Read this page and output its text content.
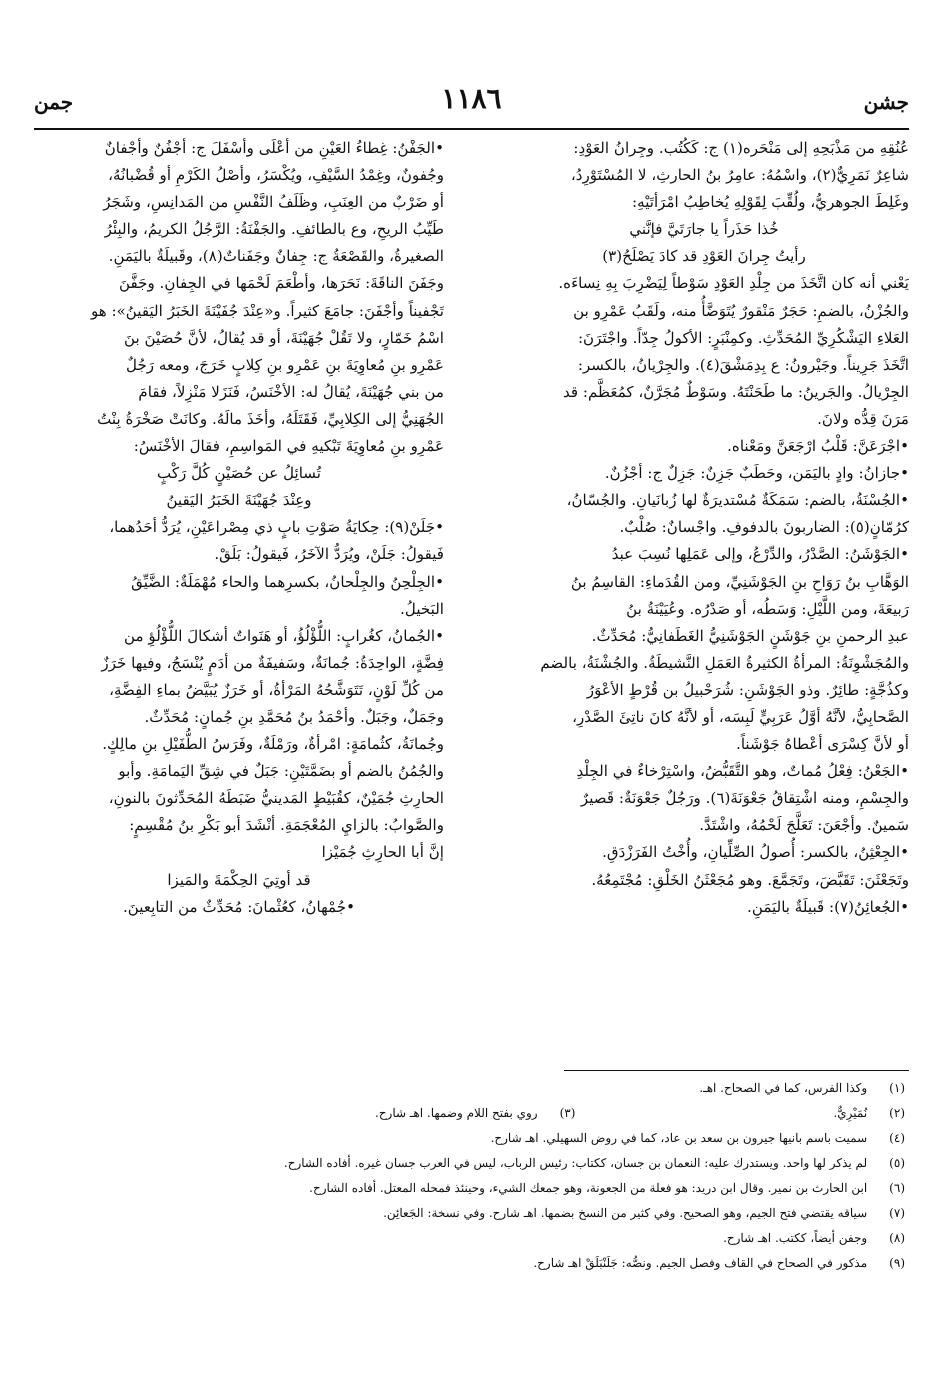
جشن
١١٨٦
جمن

عُنُقِهِ من مَذْبَحِهِ إلى مَنْحَره(١) ج: كَكُتُب. وجِرانُ العَوْدِ:

شاعِرٌ نَمَرِيٌّ(٢)، واسْمُهُ: عامِرُ بنُ الحارثِ، لا المُسْتَوْرِدُ،

وغَلِطَ الجوهريُّ، ولُقِّبَ لِقَوْلِهِ يُخاطِبُ امْرَأتَيْهِ:

خُذا حَذَراً يا جارَتَيَّ فإنَّني

رأيتُ جِرانَ العَوْدِ قد كادَ يَصْلَحُ(٣)

يَعْني أنه كان اتَّخَذَ من جِلْدِ العَوْدِ سَوْطاً لِيَضْرِبَ بِهِ نِساءَه.

والجُزْنُ، بالضمِ: حَجَرٌ مَنْقورٌ يُتَوَضَّأُ منه، ولَقَبُ عَمْرِو بن

العَلاءِ اليَشْكُرِيِّ المُحَدِّثِ. وكمِنْبَرٍ: الأكولُ جِدّاً. واجْتَرَنَ:

اتَّخَذَ جَرِيناً. وجَيْرونُ: ع بِدِمَشْقَ(٤). والجِرْيانُ، بالكسر:

الجِرْيالُ. والجَرينُ: ما طَحَنْتَهُ. وسَوْطٌ مُجَرَّنٌ، كمُعَظَّم: قد

مَرَنَ قِدُّه ولانَ.

•اجْرَعَنَّ: قَلْبُ ارْجَعَنَّ ومَعْناه.

•جازانُ: وادٍ باليَمَن، وحَطَبٌ جَزِنٌ: جَزِلٌ ج: أجْزُنٌ.

•الجُسْنَةُ، بالضم: سَمَكَةٌ مُسْتديرَةٌ لها زُبانَيانِ. والجُسّانُ،

كرُمّانٍ(٥): الضاربونَ بالدفوفِ. واجْسانٌ: صُلْبٌ.

•الجَوْشَنُ: الصَّدْرُ، والدِّرْعُ، وإلى عَمَلِها نُسِبَ عبدُ

الوَهَّابِ بنُ رَوَاحِ بنِ الجَوْشَنِيِّ، ومن القُدَماءِ: القاسِمُ بنُ

رَبيعَةَ، ومن اللَّيْلِ: وَسَطُه، أو صَدْرُه. وعُيَيْنَةُ بنُ

عبدِ الرحمنِ بنِ جَوْشَنٍ الجَوْشَنِيُّ الغَطَفانِيُّ: مُحَدِّثٌ.

والمُجَشْوِنَةُ: المرأةُ الكثيرةُ العَمَلِ النَّشيطَةُ. والجُشْنَةُ، بالضم

وكذُجَّةٍ: طائِرٌ. وذو الجَوْشَنِ: شُرَحْبيلُ بن قُرْطٍ الأعْوَرُ

الصَّحابِيُّ، لأنَّهُ أوَّلُ عَرَبِيٍّ لَبِسَه، أو لأنَّهُ كانَ ناتِئَ الصَّدْرِ،

أو لأنَّ كِسْرَى أعْطاهُ جَوْشَناً.

•الجَعْنُ: فِعْلُ مُماتٌ، وهو التَّقَبُّضُ، واسْتِرْخاءٌ في الجِلْدِ

والجِسْمِ، ومنه اشْتِقاقُ جَعْوَنَةَ(٦). ورَجُلٌ جَعْوَنَةٌ: قَصيرٌ

سَمينٌ. وأجْعَنَ: تَعَلَّجَ لَحْمُهُ، واشْتَدَّ.

•الجِعْثِنُ، بالكسر: أُصولُ الصِّلِّيانِ، وأُخْتُ الفَرَزْدَقِ.

وتَجَعْثَنَ: تَقَبَّضَ، وتَجَمَّعَ. وهو مُجَعْثَنُ الخَلْقِ: مُجْتَمِعُهُ.

•الجُعائِنُ(٧): قَبيلَةٌ باليَمَنِ.

•الجَفْنُ: غِطاءُ العَيْنِ من أعْلَى وأسْفَلَ ج: أجْفُنٌ وأجْفانٌ

وجُفونٌ، وغِمْدُ السَّيْفِ، ويُكْسَرُ، وأصْلُ الكَرْمِ أو قُضْبانُهُ،

أو ضَرْبٌ من العِنَبِ، وظَلَفُ النَّفْسِ من المَدانِسِ، وشَجَرُ

طَيِّبُ الريحِ، وع بالطائفِ. والجَفْنَةُ: الرَّجُلُ الكريمُ، والبِئْرُ

الصغيرةُ، والقَصْعَةُ ج: جِفانٌ وجَفَناتٌ(٨)، وقَبيلَةٌ باليَمَنِ.

وجَفَنَ الناقَةَ: نَحَرَها، وأطْعَمَ لَحْمَها في الجِفانِ. وجَفَّنَ

تَجْفيناً وأجْفَنَ: جامَعَ كثيراً. و«عِنْدَ جُفَيْنَةَ الخَبَرُ اليَقينُ»: هو

اسْمُ خَمّارٍ، ولا تَقُلْ جُهَيْنَةَ، أو قد يُقالُ، لأنَّ حُصَيْنَ بنَ

عَمْرِو بنِ مُعاوِيَةَ بنِ عَمْرِو بنِ كِلابٍ خَرَجَ، ومعه رَجُلٌ

من بني جُهَيْنَةَ، يُقالُ له: الأخْنَسُ، فَنَزَلا مَنْزِلاً، فقامَ

الجُهَنِيُّ إلى الكِلابِيِّ، فَقَتَلَهُ، وأخَذَ مالَهُ. وكانَتْ صَخْرَةُ بِنْتُ

عَمْرِو بنِ مُعاوِيَةَ تَبْكيهِ في المَواسِمِ، فقالَ الأخْنَسُ:

تُسائِلُ عن حُصَيْنٍ كُلَّ رَكْبٍ

وعِنْدَ جُهَيْنَةَ الخَبَرُ اليَقينُ

•جَلَنْ(٩): حِكايَةُ صَوْتِ بابٍ ذي مِصْراعَيْنِ، يُرَدُّ أحَدُهما،

فَيقولُ: جَلَنْ، ويُرَدُّ الآخَرُ، فَيقولُ: بَلَقْ.

•الجِلْحِنُ والجِلْحانُ، بكسرِهما والحاء مُهْمَلَةٌ: الضَّيِّقُ

البَخيلُ.

•الجُمانُ، كغُرابٍ: اللُّؤْلُؤُ، أو هَنَواتٌ أشكالَ اللُّؤْلُؤِ من

فِضَّةٍ، الواحِدَةُ: جُمانَةٌ، وسَفيفَةٌ من أدَمٍ يُنْسَجُ، وفيها خَرَزٌ

من كُلِّ لَوْنٍ، تَتَوَشَّحُهُ المَرْأةُ، أو خَرَزٌ يُبَيَّضُ بماءِ الفِضَّةِ،

وجَمَلٌ، وجَبَلٌ. وأحْمَدُ بنُ مُحَمَّدِ بنِ جُمانٍ: مُحَدِّثٌ.

وجُمانَةُ، كثُمامَةٍ: امْرأةٌ، ورَمْلَةٌ، وفَرَسُ الطُّفَيْلِ بنِ مالِكٍ.

والجُمُنُ بالضم أو بضَمَّتَيْنِ: جَبَلٌ في شِقِّ اليَمامَةِ. وأبو

الحارِثِ جُمَيْنٌ، كقُبَيْطٍ المَدينيُّ ضَبَطَهُ المُحَدِّثونَ بالنونِ،

والصَّوابُ: بالزايِ المُعْجَمَةِ. أنْشَدَ أبو بَكْرِ بنُ مُقْسِمٍ:

إنَّ أبا الحارِثِ جُمَيْزا

قد أوتِيَ الحِكْمَةَ والمَيزا

•جُمْهانُ، كعُثْمانَ: مُحَدِّثٌ من التابِعينَ.

(١) وكذا الفرس، كما في الصحاح. اهـ.

(٢) نُمَيْرِيٌّ.
(٣) روي بفتح اللام وضمها. اهـ شارح.

(٤) سميت باسم بانيها جيرون بن سعد بن عاد، كما في روض السهيلي. اهـ شارح.

(٥) لم يذكر لها واحد. ويستدرك عليه: النعمان بن جسان، ككتاب: رئيس الرباب، ليس في العرب جسان غيره. أفاده الشارح.

(٦) ابن الحارث بن نمير. وقال ابن دريد: هو فعلة من الجعونة، وهو جمعك الشيء، وحينئذ فمحله المعتل. أفاده الشارح.

(٧) سياقه يقتضي فتح الجيم، وهو الصحيح. وفي كثير من النسخ بضمها. اهـ شارح. وفي نسخة: الجَعائِن.

(٨) وجفن أيضاً، ككتب. اهـ شارح.

(٩) مذكور في الصحاح في القاف وفصل الجيم. ونصُّه: جَلَنْبَلَقْ اهـ شارح.
